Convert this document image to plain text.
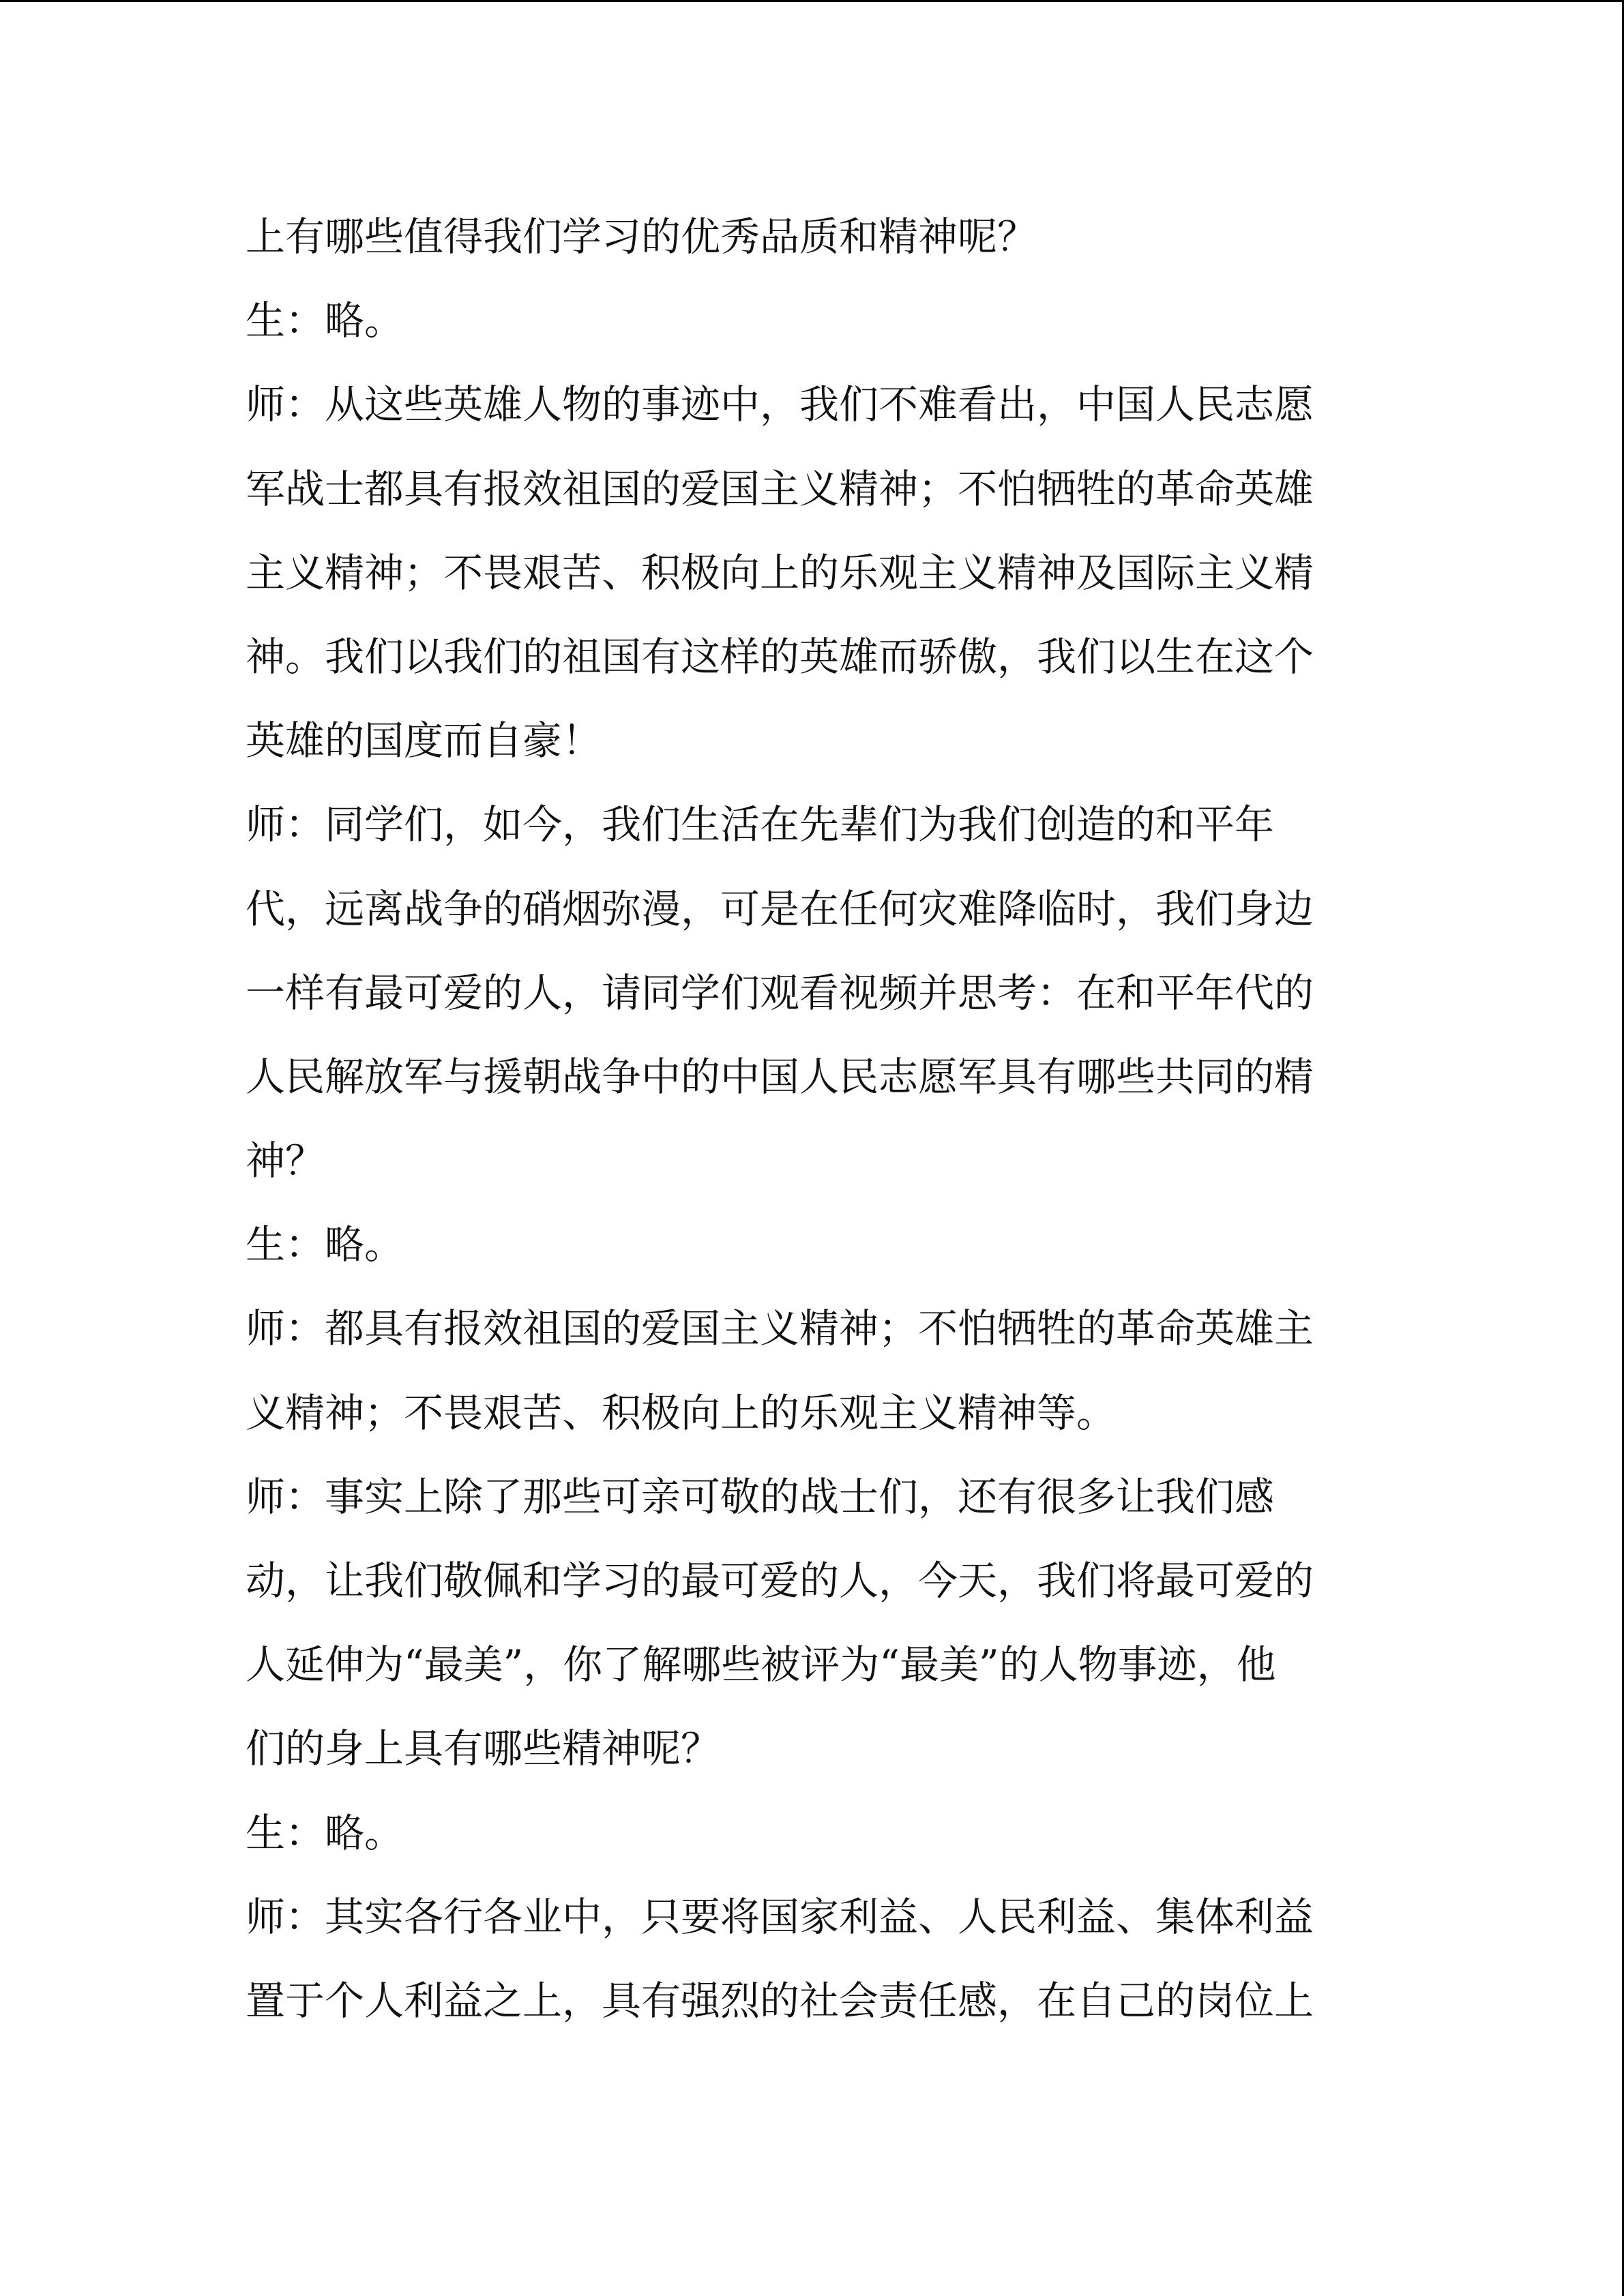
上有哪些值得我们学习的优秀品质和精神呢？
生：略。
师：从这些英雄人物的事迹中，我们不难看出，中国人民志愿
军战士都具有报效祖国的爱国主义精神；不怕牺牲的革命英雄
主义精神；不畏艰苦、积极向上的乐观主义精神及国际主义精
神。我们以我们的祖国有这样的英雄而骄傲，我们以生在这个
英雄的国度而自豪！
师：同学们，如今，我们生活在先辈们为我们创造的和平年
代，远离战争的硝烟弥漫，可是在任何灾难降临时，我们身边
一样有最可爱的人，请同学们观看视频并思考：在和平年代的
人民解放军与援朝战争中的中国人民志愿军具有哪些共同的精
神？
生：略。
师：都具有报效祖国的爱国主义精神；不怕牺牲的革命英雄主
义精神；不畏艰苦、积极向上的乐观主义精神等。
师：事实上除了那些可亲可敬的战士们，还有很多让我们感
动，让我们敬佩和学习的最可爱的人，今天，我们将最可爱的
人延伸为“最美”，你了解哪些被评为“最美”的人物事迹，他
们的身上具有哪些精神呢？
生：略。
师：其实各行各业中，只要将国家利益、人民利益、集体利益
置于个人利益之上，具有强烈的社会责任感，在自己的岗位上
